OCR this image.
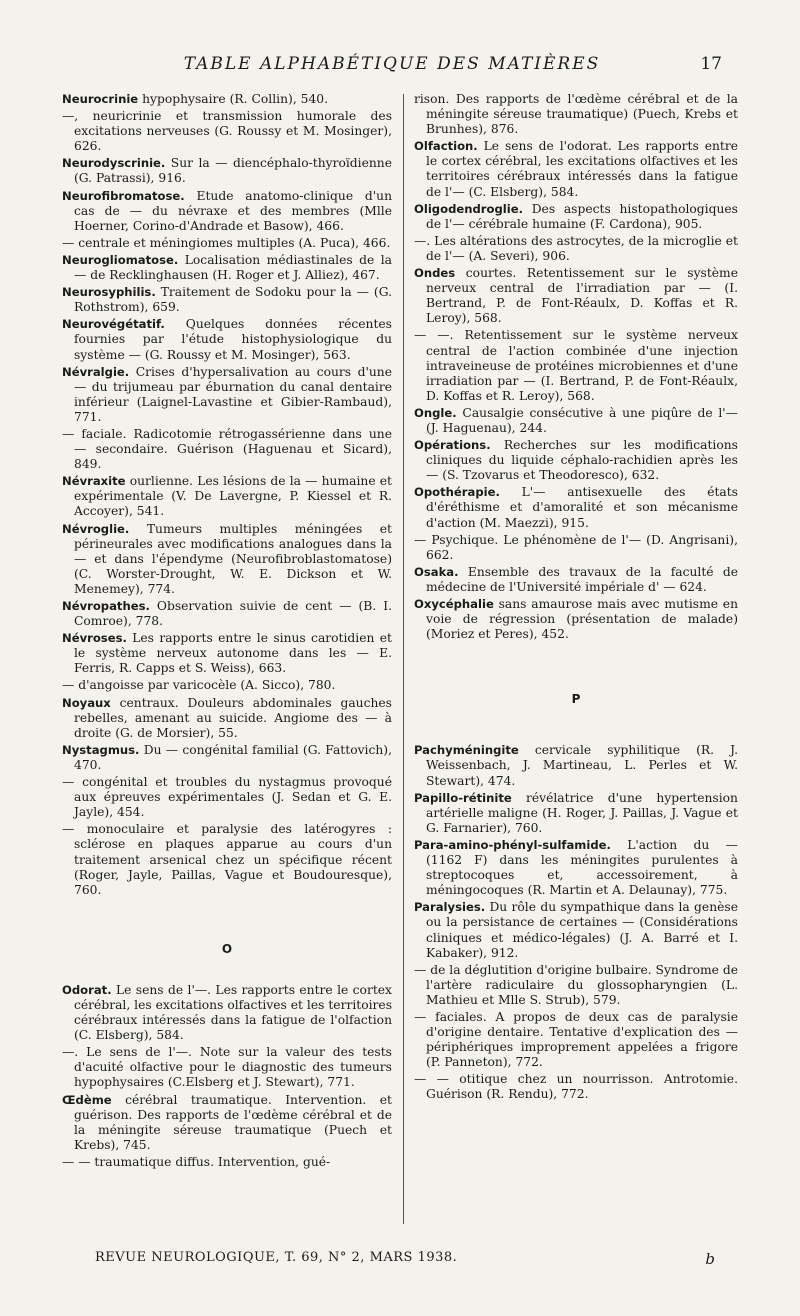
TABLE ALPHABÉTIQUE DES MATIÈRES	17

Neurocrinie hypophysaire (R. Collin), 540.

—, neuricrinie et transmission humorale des excitations nerveuses (G. Roussy et M. Mosinger), 626.

Neurodyscrinie. Sur la — diencéphalo-thyroïdienne (G. Patrassi), 916.

Neurofibromatose. Etude anatomo-clinique d'un cas de — du névraxe et des membres (Mlle Hoerner, Corino-d'Andrade et Basow), 466.

— centrale et méningiomes multiples (A. Puca), 466.

Neurogliomatose. Localisation médiastinales de la — de Recklinghausen (H. Roger et J. Alliez), 467.

Neurosyphilis. Traitement de Sodoku pour la — (G. Rothstrom), 659.

Neurovégétatif. Quelques données récentes fournies par l'étude histophysiologique du système — (G. Roussy et M. Mosinger), 563.

Névralgie. Crises d'hypersalivation au cours d'une — du trijumeau par éburnation du canal dentaire inférieur (Laignel-Lavastine et Gibier-Rambaud), 771.

— faciale. Radicotomie rétrogassérienne dans une — secondaire. Guérison (Haguenau et Sicard), 849.

Névraxite ourlienne. Les lésions de la — humaine et expérimentale (V. De Lavergne, P. Kiessel et R. Accoyer), 541.

Névroglie. Tumeurs multiples méningées et périneurales avec modifications analogues dans la — et dans l'épendyme (Neurofibroblastomatose) (C. Worster-Drought, W. E. Dickson et W. Menemey), 774.

Névropathes. Observation suivie de cent — (B. I. Comroe), 778.

Névroses. Les rapports entre le sinus carotidien et le système nerveux autonome dans les — E. Ferris, R. Capps et S. Weiss), 663.

— d'angoisse par varicocèle (A. Sicco), 780.

Noyaux centraux. Douleurs abdominales gauches rebelles, amenant au suicide. Angiome des — à droite (G. de Morsier), 55.

Nystagmus. Du — congénital familial (G. Fattovich), 470.

— congénital et troubles du nystagmus provoqué aux épreuves expérimentales (J. Sedan et G. E. Jayle), 454.

— monoculaire et paralysie des latérogyres : sclérose en plaques apparue au cours d'un traitement arsenical chez un spécifique récent (Roger, Jayle, Paillas, Vague et Boudouresque), 760.

O

Odorat. Le sens de l'—. Les rapports entre le cortex cérébral, les excitations olfactives et les territoires cérébraux intéressés dans la fatigue de l'olfaction (C. Elsberg), 584.

—. Le sens de l'—. Note sur la valeur des tests d'acuité olfactive pour le diagnostic des tumeurs hypophysaires (C.Elsberg et J. Stewart), 771.

Œdème cérébral traumatique. Intervention. et guérison. Des rapports de l'œdème cérébral et de la méningite séreuse traumatique (Puech et Krebs), 745.

— — traumatique diffus. Intervention, gué-

rison. Des rapports de l'œdème cérébral et de la méningite séreuse traumatique) (Puech, Krebs et Brunhes), 876.

Olfaction. Le sens de l'odorat. Les rapports entre le cortex cérébral, les excitations olfactives et les territoires cérébraux intéressés dans la fatigue de l'— (C. Elsberg), 584.

Oligodendroglie. Des aspects histopathologiques de l'— cérébrale humaine (F. Cardona), 905.

—. Les altérations des astrocytes, de la microglie et de l'— (A. Severi), 906.

Ondes courtes. Retentissement sur le système nerveux central de l'irradiation par — (I. Bertrand, P. de Font-Réaulx, D. Koffas et R. Leroy), 568.

— —. Retentissement sur le système nerveux central de l'action combinée d'une injection intraveineuse de protéines microbiennes et d'une irradiation par — (I. Bertrand, P. de Font-Réaulx, D. Koffas et R. Leroy), 568.

Ongle. Causalgie consécutive à une piqûre de l'— (J. Haguenau), 244.

Opérations. Recherches sur les modifications cliniques du liquide céphalo-rachidien après les — (S. Tzovarus et Theodoresco), 632.

Opothérapie. L'— antisexuelle des états d'éréthisme et d'amoralité et son mécanisme d'action (M. Maezzi), 915.

— Psychique. Le phénomène de l'— (D. Angrisani), 662.

Osaka. Ensemble des travaux de la faculté de médecine de l'Université impériale d' — 624.

Oxycéphalie sans amaurose mais avec mutisme en voie de régression (présentation de malade) (Moriez et Peres), 452.

P

Pachyméningite cervicale syphilitique (R. J. Weissenbach, J. Martineau, L. Perles et W. Stewart), 474.

Papillo-rétinite révélatrice d'une hypertension artérielle maligne (H. Roger, J. Paillas, J. Vague et G. Farnarier), 760.

Para-amino-phényl-sulfamide. L'action du — (1162 F) dans les méningites purulentes à streptocoques et, accessoirement, à méningocoques (R. Martin et A. Delaunay), 775.

Paralysies. Du rôle du sympathique dans la genèse ou la persistance de certaines — (Considérations cliniques et médico-légales) (J. A. Barré et I. Kabaker), 912.

— de la déglutition d'origine bulbaire. Syndrome de l'artère radiculaire du glossopharyngien (L. Mathieu et Mlle S. Strub), 579.

— faciales. A propos de deux cas de paralysie d'origine dentaire. Tentative d'explication des — périphériques improprement appelées a frigore (P. Panneton), 772.

— — otitique chez un nourrisson. Antrotomie. Guérison (R. Rendu), 772.

REVUE NEUROLOGIQUE, T. 69, N° 2, MARS 1938.	b
